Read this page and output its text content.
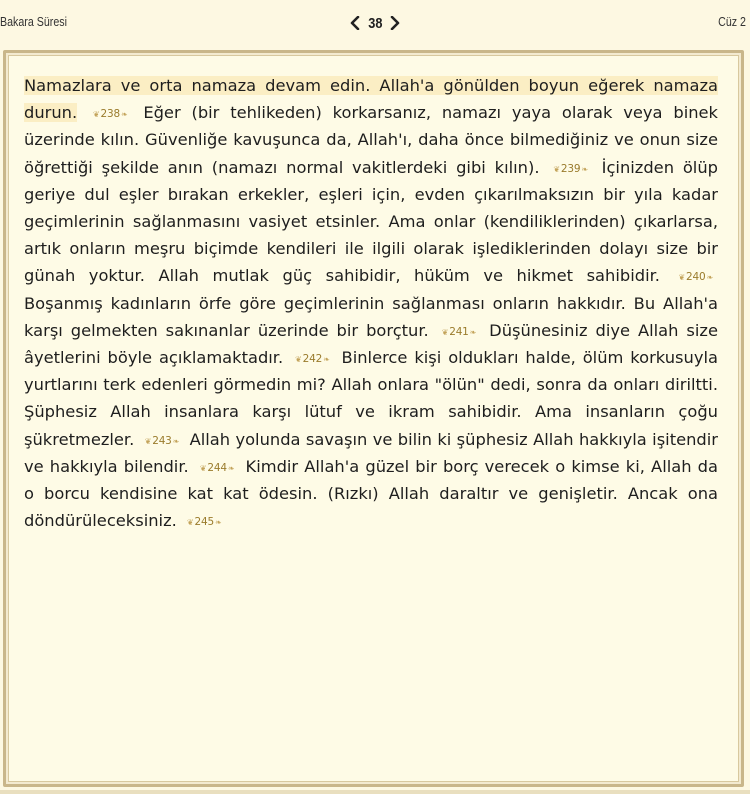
Bakara Süresi	38	Cüz 2
Namazlara ve orta namaza devam edin. Allah'a gönülden boyun eğerek namaza durun. ❦ 238 ❧ Eğer (bir tehlikeden) korkarsanız, namazı yaya olarak veya binek üzerinde kılın. Güvenliğe kavuşunca da, Allah'ı, daha önce bilmediğiniz ve onun size öğrettiği şekilde anın (namazı normal vakitlerdeki gibi kılın). ❦ 239 ❧ İçinizden ölüp geriye dul eşler bırakan erkekler, eşleri için, evden çıkarılmaksızın bir yıla kadar geçimlerinin sağlanmasını vasiyet etsinler. Ama onlar (kendiliklerinden) çıkarlarsa, artık onların meşru biçimde kendileri ile ilgili olarak işlediklerinden dolayı size bir günah yoktur. Allah mutlak güç sahibidir, hüküm ve hikmet sahibidir. ❦ 240 ❧ Boşanmış kadınların örfe göre geçimlerinin sağlanması onların hakkıdır. Bu Allah'a karşı gelmekten sakınanlar üzerinde bir borçtur. ❦ 241 ❧ Düşünesiniz diye Allah size âyetlerini böyle açıklamaktadır. ❦ 242 ❧ Binlerce kişi oldukları halde, ölüm korkusuyla yurtlarını terk edenleri görmedin mi? Allah onlara "ölün" dedi, sonra da onları diriltti. Şüphesiz Allah insanlara karşı lütuf ve ikram sahibidir. Ama insanların çoğu şükretmezler. ❦ 243 ❧ Allah yolunda savaşın ve bilin ki şüphesiz Allah hakkıyla işitendir ve hakkıyla bilendir. ❦ 244 ❧ Kimdir Allah'a güzel bir borç verecek o kimse ki, Allah da o borcu kendisine kat kat ödesin. (Rızkı) Allah daraltır ve genişletir. Ancak ona döndürüleceksiniz. ❦ 245 ❧
